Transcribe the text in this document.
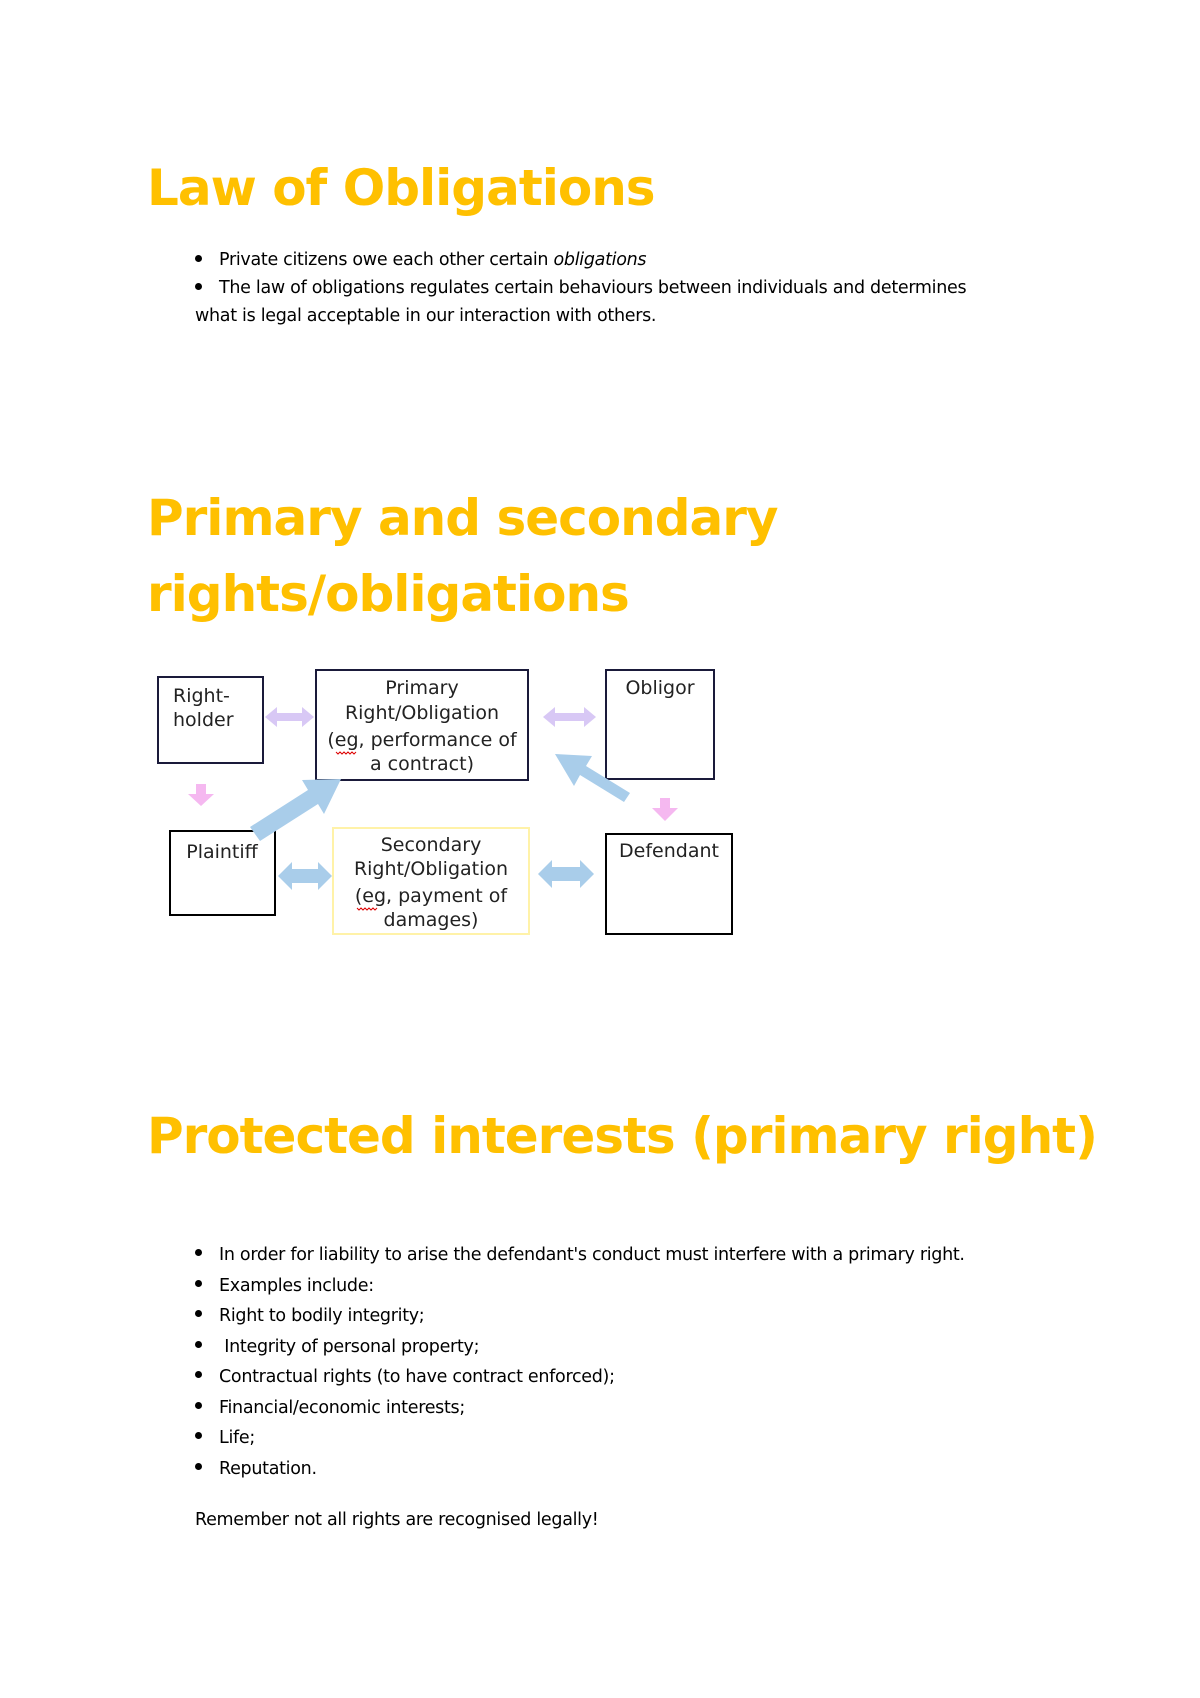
Law of Obligations
Private citizens owe each other certain obligations
The law of obligations regulates certain behaviours between individuals and determines
what is legal acceptable in our interaction with others.
Primary and secondary
rights/obligations
Right-
holder
Primary
Right/Obligation
(eg, performance of
a contract)
Obligor
Plaintiff	Secondary
Right/Obligation
(eg, payment of
damages)
Defendant
Protected interests (primary right)
In order for liability to arise the defendant's conduct must interfere with a primary right.
Examples include:
Right to bodily integrity;
Integrity of personal property;
Contractual rights (to have contract enforced);
Financial/economic interests;
Life;
Reputation.

Remember not all rights are recognised legally!
